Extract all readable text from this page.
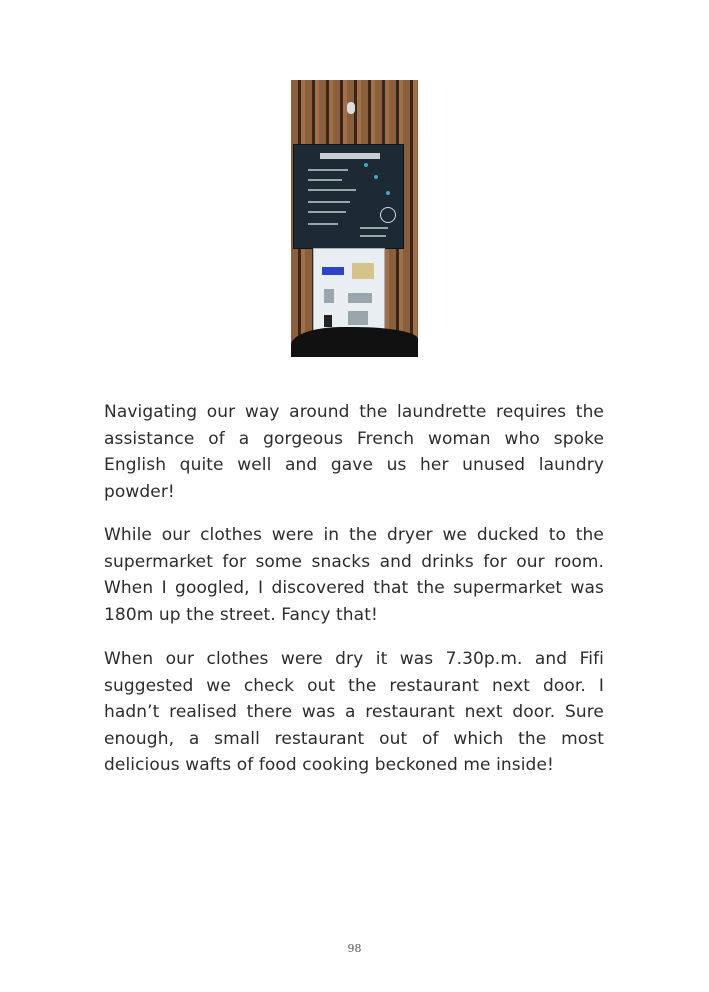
Navigating our way around the laundrette requires the assistance of a gorgeous French woman who spoke English quite well and gave us her unused laundry powder!

While our clothes were in the dryer we ducked to the supermarket for some snacks and drinks for our room. When I googled, I discovered that the supermarket was 180m up the street. Fancy that!

When our clothes were dry it was 7.30p.m. and Fifi suggested we check out the restaurant next door. I hadn’t realised there was a restaurant next door. Sure enough, a small restaurant out of which the most delicious wafts of food cooking beckoned me inside!

98
